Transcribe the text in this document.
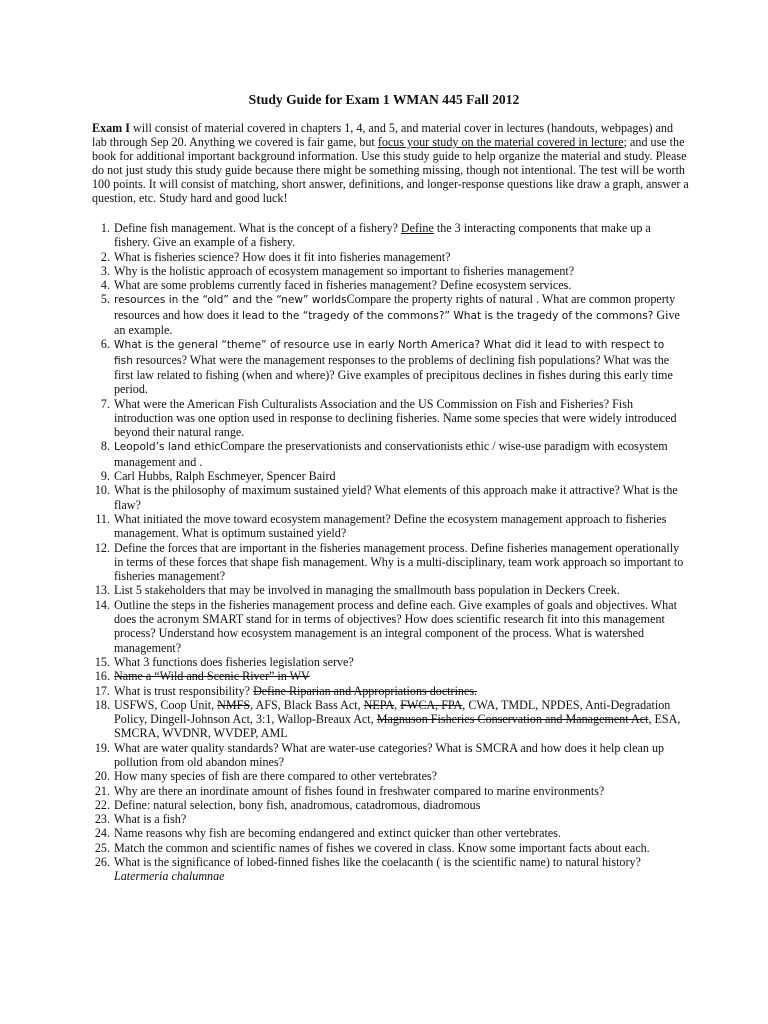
Study Guide for Exam 1 WMAN 445 Fall 2012

Exam I will consist of material covered in chapters 1, 4, and 5, and material cover in lectures (handouts, webpages) and lab through Sep 20. Anything we covered is fair game, but focus your study on the material covered in lecture; and use the book for additional important background information. Use this study guide to help organize the material and study. Please do not just study this study guide because there might be something missing, though not intentional. The test will be worth 100 points. It will consist of matching, short answer, definitions, and longer-response questions like draw a graph, answer a question, etc. Study hard and good luck!

1. Define fish management. What is the concept of a fishery? Define the 3 interacting components that make up a fishery. Give an example of a fishery.
2. What is fisheries science? How does it fit into fisheries management?
3. Why is the holistic approach of ecosystem management so important to fisheries management?
4. What are some problems currently faced in fisheries management? Define ecosystem services.
5. resources in the “old” and the “new” worldsCompare the property rights of natural . What are common property resources and how does it lead to the “tragedy of the commons?” What is the tragedy of the commons? Give an example.
6. What is the general “theme” of resource use in early North America? What did it lead to with respect to fish resources? What were the management responses to the problems of declining fish populations? What was the first law related to fishing (when and where)? Give examples of precipitous declines in fishes during this early time period.
7. What were the American Fish Culturalists Association and the US Commission on Fish and Fisheries? Fish introduction was one option used in response to declining fisheries. Name some species that were widely introduced beyond their natural range.
8. Leopold’s land ethicCompare the preservationists and conservationists ethic / wise-use paradigm with ecosystem management and .
9. Carl Hubbs, Ralph Eschmeyer, Spencer Baird
10. What is the philosophy of maximum sustained yield? What elements of this approach make it attractive? What is the flaw?
11. What initiated the move toward ecosystem management? Define the ecosystem management approach to fisheries management. What is optimum sustained yield?
12. Define the forces that are important in the fisheries management process. Define fisheries management operationally in terms of these forces that shape fish management. Why is a multi-disciplinary, team work approach so important to fisheries management?
13. List 5 stakeholders that may be involved in managing the smallmouth bass population in Deckers Creek.
14. Outline the steps in the fisheries management process and define each. Give examples of goals and objectives. What does the acronym SMART stand for in terms of objectives? How does scientific research fit into this management process? Understand how ecosystem management is an integral component of the process. What is watershed management?
15. What 3 functions does fisheries legislation serve?
16. Name a “Wild and Scenic River” in WV
17. What is trust responsibility? Define Riparian and Appropriations doctrines.
18. USFWS, Coop Unit, NMFS, AFS, Black Bass Act, NEPA, FWCA, FPA, CWA, TMDL, NPDES, Anti-Degradation Policy, Dingell-Johnson Act, 3:1, Wallop-Breaux Act, Magnuson Fisheries Conservation and Management Act, ESA, SMCRA, WVDNR, WVDEP, AML
19. What are water quality standards? What are water-use categories? What is SMCRA and how does it help clean up pollution from old abandon mines?
20. How many species of fish are there compared to other vertebrates?
21. Why are there an inordinate amount of fishes found in freshwater compared to marine environments?
22. Define: natural selection, bony fish, anadromous, catadromous, diadromous
23. What is a fish?
24. Name reasons why fish are becoming endangered and extinct quicker than other vertebrates.
25. Match the common and scientific names of fishes we covered in class. Know some important facts about each.
26. What is the significance of lobed-finned fishes like the coelacanth ( is the scientific name) to natural history?Latermeria chalumnae
